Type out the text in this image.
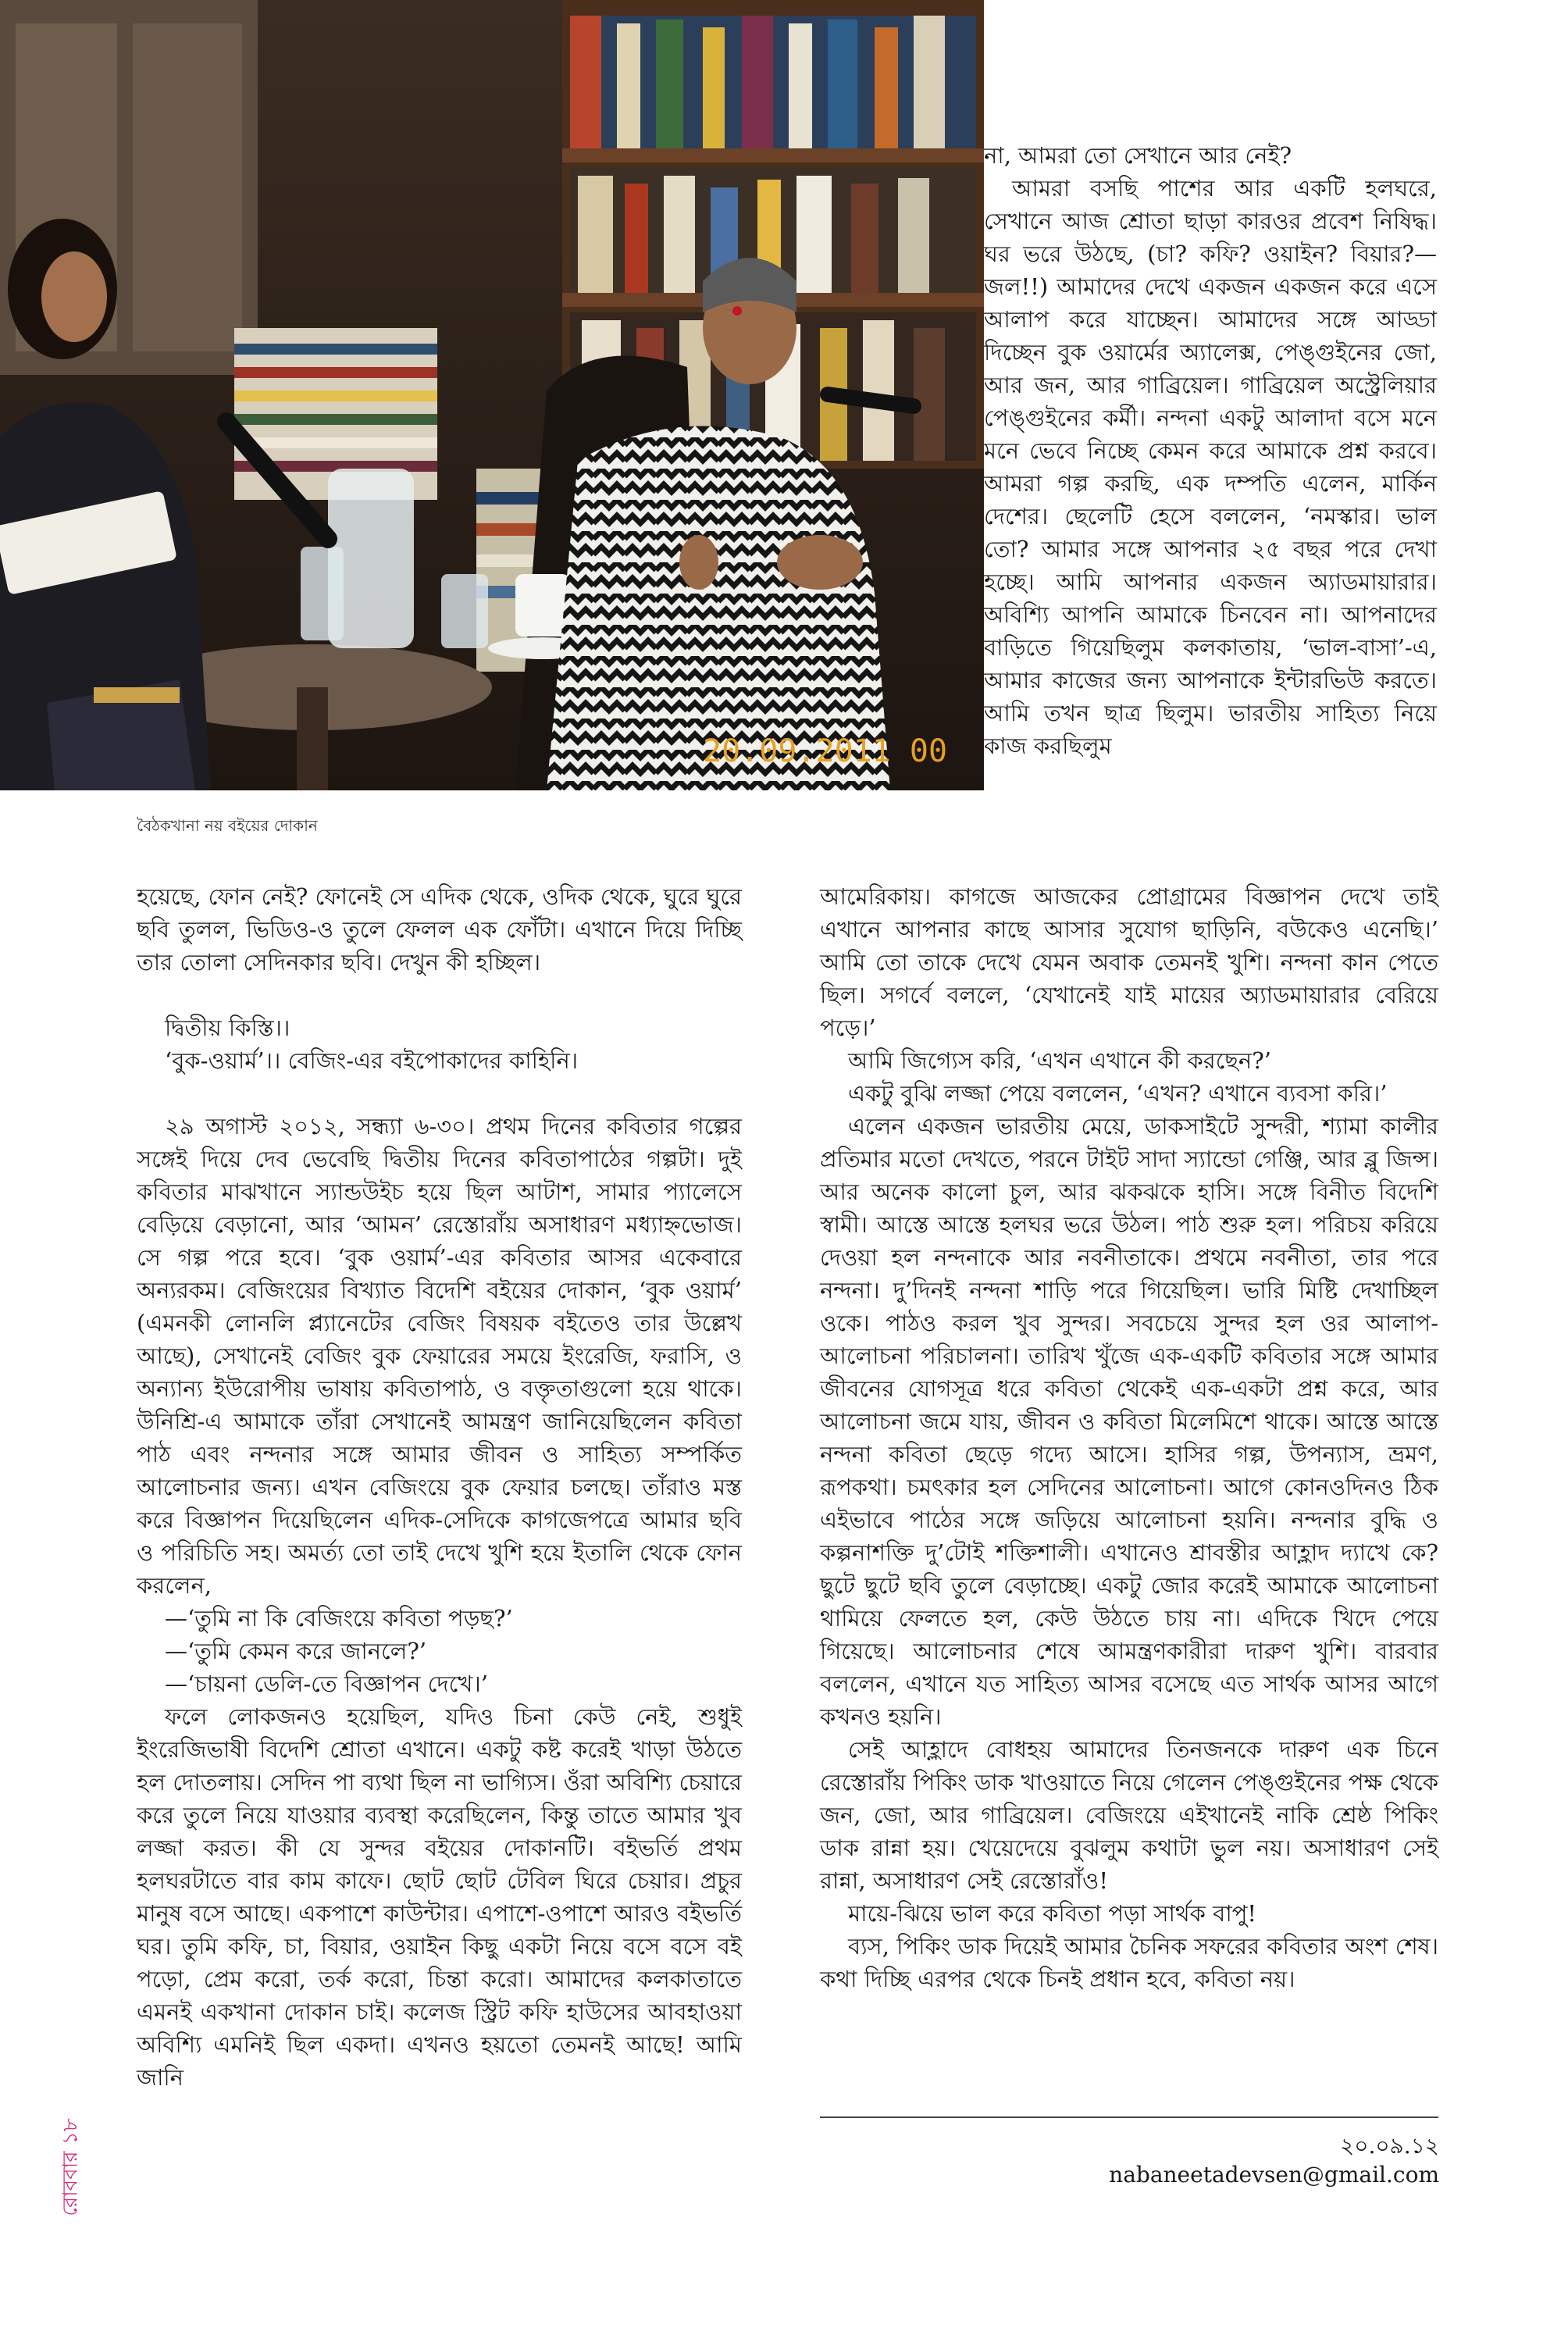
20.09.2011 00
বৈঠকখানা নয় বইয়ের দোকান

না, আমরা তো সেখানে আর নেই?

আমরা বসছি পাশের আর একটি হলঘরে, সেখানে আজ শ্রোতা ছাড়া কারওর প্রবেশ নিষিদ্ধ। ঘর ভরে উঠছে, (চা? কফি? ওয়াইন? বিয়ার?—জল!!) আমাদের দেখে একজন একজন করে এসে আলাপ করে যাচ্ছেন। আমাদের সঙ্গে আড্ডা দিচ্ছেন বুক ওয়ার্মের অ্যালেক্স, পেঙ্গুইনের জো, আর জন, আর গাব্রিয়েল। গাব্রিয়েল অস্ট্রেলিয়ার পেঙ্গুইনের কর্মী। নন্দনা একটু আলাদা বসে মনে মনে ভেবে নিচ্ছে কেমন করে আমাকে প্রশ্ন করবে। আমরা গল্প করছি, এক দম্পতি এলেন, মার্কিন দেশের। ছেলেটি হেসে বললেন, ‘নমস্কার। ভাল তো? আমার সঙ্গে আপনার ২৫ বছর পরে দেখা হচ্ছে। আমি আপনার একজন অ্যাডমায়ারার। অবিশ্যি আপনি আমাকে চিনবেন না। আপনাদের বাড়িতে গিয়েছিলুম কলকাতায়, ‘ভাল-বাসা’-এ, আমার কাজের জন্য আপনাকে ইন্টারভিউ করতে। আমি তখন ছাত্র ছিলুম। ভারতীয় সাহিত্য নিয়ে কাজ করছিলুম

হয়েছে, ফোন নেই? ফোনেই সে এদিক থেকে, ওদিক থেকে, ঘুরে ঘুরে ছবি তুলল, ভিডিও-ও তুলে ফেলল এক ফোঁটা। এখানে দিয়ে দিচ্ছি তার তোলা সেদিনকার ছবি। দেখুন কী হচ্ছিল।

দ্বিতীয় কিস্তি।।

‘বুক-ওয়ার্ম’।। বেজিং-এর বইপোকাদের কাহিনি।

২৯ অগাস্ট ২০১২, সন্ধ্যা ৬-৩০। প্রথম দিনের কবিতার গল্পের সঙ্গেই দিয়ে দেব ভেবেছি দ্বিতীয় দিনের কবিতাপাঠের গল্পটা। দুই কবিতার মাঝখানে স্যান্ডউইচ হয়ে ছিল আটাশ, সামার প্যালেসে বেড়িয়ে বেড়ানো, আর ‘আমন’ রেস্তোরাঁয় অসাধারণ মধ্যাহ্নভোজ। সে গল্প পরে হবে। ‘বুক ওয়ার্ম’-এর কবিতার আসর একেবারে অন্যরকম। বেজিংয়ের বিখ্যাত বিদেশি বইয়ের দোকান, ‘বুক ওয়ার্ম’ (এমনকী লোনলি প্ল্যানেটের বেজিং বিষয়ক বইতেও তার উল্লেখ আছে), সেখানেই বেজিং বুক ফেয়ারের সময়ে ইংরেজি, ফরাসি, ও অন্যান্য ইউরোপীয় ভাষায় কবিতাপাঠ, ও বক্তৃতাগুলো হয়ে থাকে। উনিশ্রি-এ আমাকে তাঁরা সেখানেই আমন্ত্রণ জানিয়েছিলেন কবিতা পাঠ এবং নন্দনার সঙ্গে আমার জীবন ও সাহিত্য সম্পর্কিত আলোচনার জন্য। এখন বেজিংয়ে বুক ফেয়ার চলছে। তাঁরাও মস্ত করে বিজ্ঞাপন দিয়েছিলেন এদিক-সেদিকে কাগজেপত্রে আমার ছবি ও পরিচিতি সহ। অমর্ত্য তো তাই দেখে খুশি হয়ে ইতালি থেকে ফোন করলেন,

—‘তুমি না কি বেজিংয়ে কবিতা পড়ছ?’

—‘তুমি কেমন করে জানলে?’

—‘চায়না ডেলি-তে বিজ্ঞাপন দেখে।’

ফলে লোকজনও হয়েছিল, যদিও চিনা কেউ নেই, শুধুই ইংরেজিভাষী বিদেশি শ্রোতা এখানে। একটু কষ্ট করেই খাড়া উঠতে হল দোতলায়। সেদিন পা ব্যথা ছিল না ভাগ্যিস। ওঁরা অবিশ্যি চেয়ারে করে তুলে নিয়ে যাওয়ার ব্যবস্থা করেছিলেন, কিন্তু তাতে আমার খুব লজ্জা করত। কী যে সুন্দর বইয়ের দোকানটি। বইভর্তি প্রথম হলঘরটাতে বার কাম কাফে। ছোট ছোট টেবিল ঘিরে চেয়ার। প্রচুর মানুষ বসে আছে। একপাশে কাউন্টার। এপাশে-ওপাশে আরও বইভর্তি ঘর। তুমি কফি, চা, বিয়ার, ওয়াইন কিছু একটা নিয়ে বসে বসে বই পড়ো, প্রেম করো, তর্ক করো, চিন্তা করো। আমাদের কলকাতাতে এমনই একখানা দোকান চাই। কলেজ স্ট্রিট কফি হাউসের আবহাওয়া অবিশ্যি এমনিই ছিল একদা। এখনও হয়তো তেমনই আছে! আমি জানি

আমেরিকায়। কাগজে আজকের প্রোগ্রামের বিজ্ঞাপন দেখে তাই এখানে আপনার কাছে আসার সুযোগ ছাড়িনি, বউকেও এনেছি।’ আমি তো তাকে দেখে যেমন অবাক তেমনই খুশি। নন্দনা কান পেতে ছিল। সগর্বে বললে, ‘যেখানেই যাই মায়ের অ্যাডমায়ারার বেরিয়ে পড়ে।’

আমি জিগ্যেস করি, ‘এখন এখানে কী করছেন?’

একটু বুঝি লজ্জা পেয়ে বললেন, ‘এখন? এখানে ব্যবসা করি।’

এলেন একজন ভারতীয় মেয়ে, ডাকসাইটে সুন্দরী, শ্যামা কালীর প্রতিমার মতো দেখতে, পরনে টাইট সাদা স্যান্ডো গেঞ্জি, আর ব্লু জিন্স। আর অনেক কালো চুল, আর ঝকঝকে হাসি। সঙ্গে বিনীত বিদেশি স্বামী। আস্তে আস্তে হলঘর ভরে উঠল। পাঠ শুরু হল। পরিচয় করিয়ে দেওয়া হল নন্দনাকে আর নবনীতাকে। প্রথমে নবনীতা, তার পরে নন্দনা। দু’দিনই নন্দনা শাড়ি পরে গিয়েছিল। ভারি মিষ্টি দেখাচ্ছিল ওকে। পাঠও করল খুব সুন্দর। সবচেয়ে সুন্দর হল ওর আলাপ-আলোচনা পরিচালনা। তারিখ খুঁজে এক-একটি কবিতার সঙ্গে আমার জীবনের যোগসূত্র ধরে কবিতা থেকেই এক-একটা প্রশ্ন করে, আর আলোচনা জমে যায়, জীবন ও কবিতা মিলেমিশে থাকে। আস্তে আস্তে নন্দনা কবিতা ছেড়ে গদ্যে আসে। হাসির গল্প, উপন্যাস, ভ্রমণ, রূপকথা। চমৎকার হল সেদিনের আলোচনা। আগে কোনওদিনও ঠিক এইভাবে পাঠের সঙ্গে জড়িয়ে আলোচনা হয়নি। নন্দনার বুদ্ধি ও কল্পনাশক্তি দু’টোই শক্তিশালী। এখানেও শ্রাবস্তীর আহ্লাদ দ্যাখে কে? ছুটে ছুটে ছবি তুলে বেড়াচ্ছে। একটু জোর করেই আমাকে আলোচনা থামিয়ে ফেলতে হল, কেউ উঠতে চায় না। এদিকে খিদে পেয়ে গিয়েছে। আলোচনার শেষে আমন্ত্রণকারীরা দারুণ খুশি। বারবার বললেন, এখানে যত সাহিত্য আসর বসেছে এত সার্থক আসর আগে কখনও হয়নি।

সেই আহ্লাদে বোধহয় আমাদের তিনজনকে দারুণ এক চিনে রেস্তোরাঁয় পিকিং ডাক খাওয়াতে নিয়ে গেলেন পেঙ্গুইনের পক্ষ থেকে জন, জো, আর গাব্রিয়েল। বেজিংয়ে এইখানেই নাকি শ্রেষ্ঠ পিকিং ডাক রান্না হয়। খেয়েদেয়ে বুঝলুম কথাটা ভুল নয়। অসাধারণ সেই রান্না, অসাধারণ সেই রেস্তোরাঁও!

মায়ে-ঝিয়ে ভাল করে কবিতা পড়া সার্থক বাপু!

ব্যস, পিকিং ডাক দিয়েই আমার চৈনিক সফরের কবিতার অংশ শেষ। কথা দিচ্ছি এরপর থেকে চিনই প্রধান হবে, কবিতা নয়।

২০.০৯.১২
nabaneetadevsen@gmail.com
রোববার ১৮
